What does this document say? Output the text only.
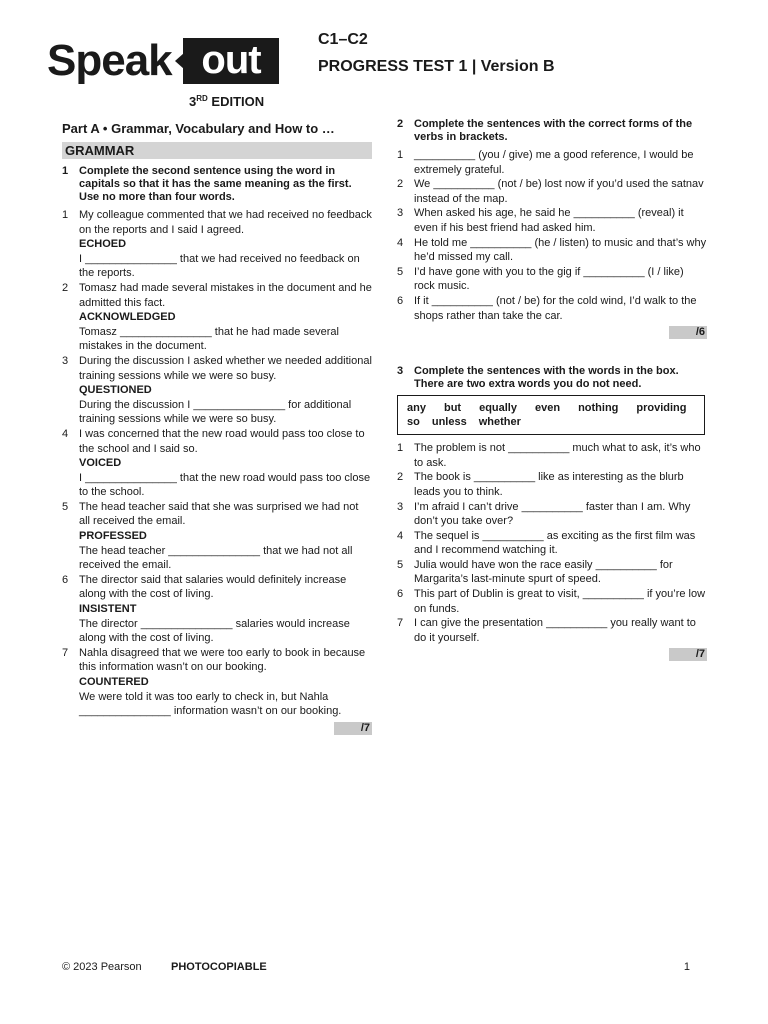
Speak out
3RD EDITION
C1–C2
PROGRESS TEST 1 | Version B
Part A • Grammar, Vocabulary and How to …
GRAMMAR
1 Complete the second sentence using the word in capitals so that it has the same meaning as the first. Use no more than four words.
1 My colleague commented that we had received no feedback on the reports and I said I agreed.
ECHOED
I _______________ that we had received no feedback on the reports.
2 Tomasz had made several mistakes in the document and he admitted this fact.
ACKNOWLEDGED
Tomasz _______________ that he had made several mistakes in the document.
3 During the discussion I asked whether we needed additional training sessions while we were so busy.
QUESTIONED
During the discussion I _______________ for additional training sessions while we were so busy.
4 I was concerned that the new road would pass too close to the school and I said so.
VOICED
I _______________ that the new road would pass too close to the school.
5 The head teacher said that she was surprised we had not all received the email.
PROFESSED
The head teacher _______________ that we had not all received the email.
6 The director said that salaries would definitely increase along with the cost of living.
INSISTENT
The director _______________ salaries would increase along with the cost of living.
7 Nahla disagreed that we were too early to book in because this information wasn’t on our booking.
COUNTERED
We were told it was too early to check in, but Nahla _______________ information wasn’t on our booking.
/7
2 Complete the sentences with the correct forms of the verbs in brackets.
1 __________ (you / give) me a good reference, I would be extremely grateful.
2 We __________ (not / be) lost now if you’d used the satnav instead of the map.
3 When asked his age, he said he __________ (reveal) it even if his best friend had asked him.
4 He told me __________ (he / listen) to music and that’s why he’d missed my call.
5 I’d have gone with you to the gig if __________ (I / like) rock music.
6 If it __________ (not / be) for the cold wind, I’d walk to the shops rather than take the car.
/6
3 Complete the sentences with the words in the box. There are two extra words you do not need.
any but equally even nothing providing
so unless whether
1 The problem is not __________ much what to ask, it’s who to ask.
2 The book is __________ like as interesting as the blurb leads you to think.
3 I’m afraid I can’t drive __________ faster than I am. Why don’t you take over?
4 The sequel is __________ as exciting as the first film was and I recommend watching it.
5 Julia would have won the race easily __________ for Margarita’s last-minute spurt of speed.
6 This part of Dublin is great to visit, __________ if you’re low on funds.
7 I can give the presentation __________ you really want to do it yourself.
/7
© 2023 Pearson	PHOTOCOPIABLE	1
